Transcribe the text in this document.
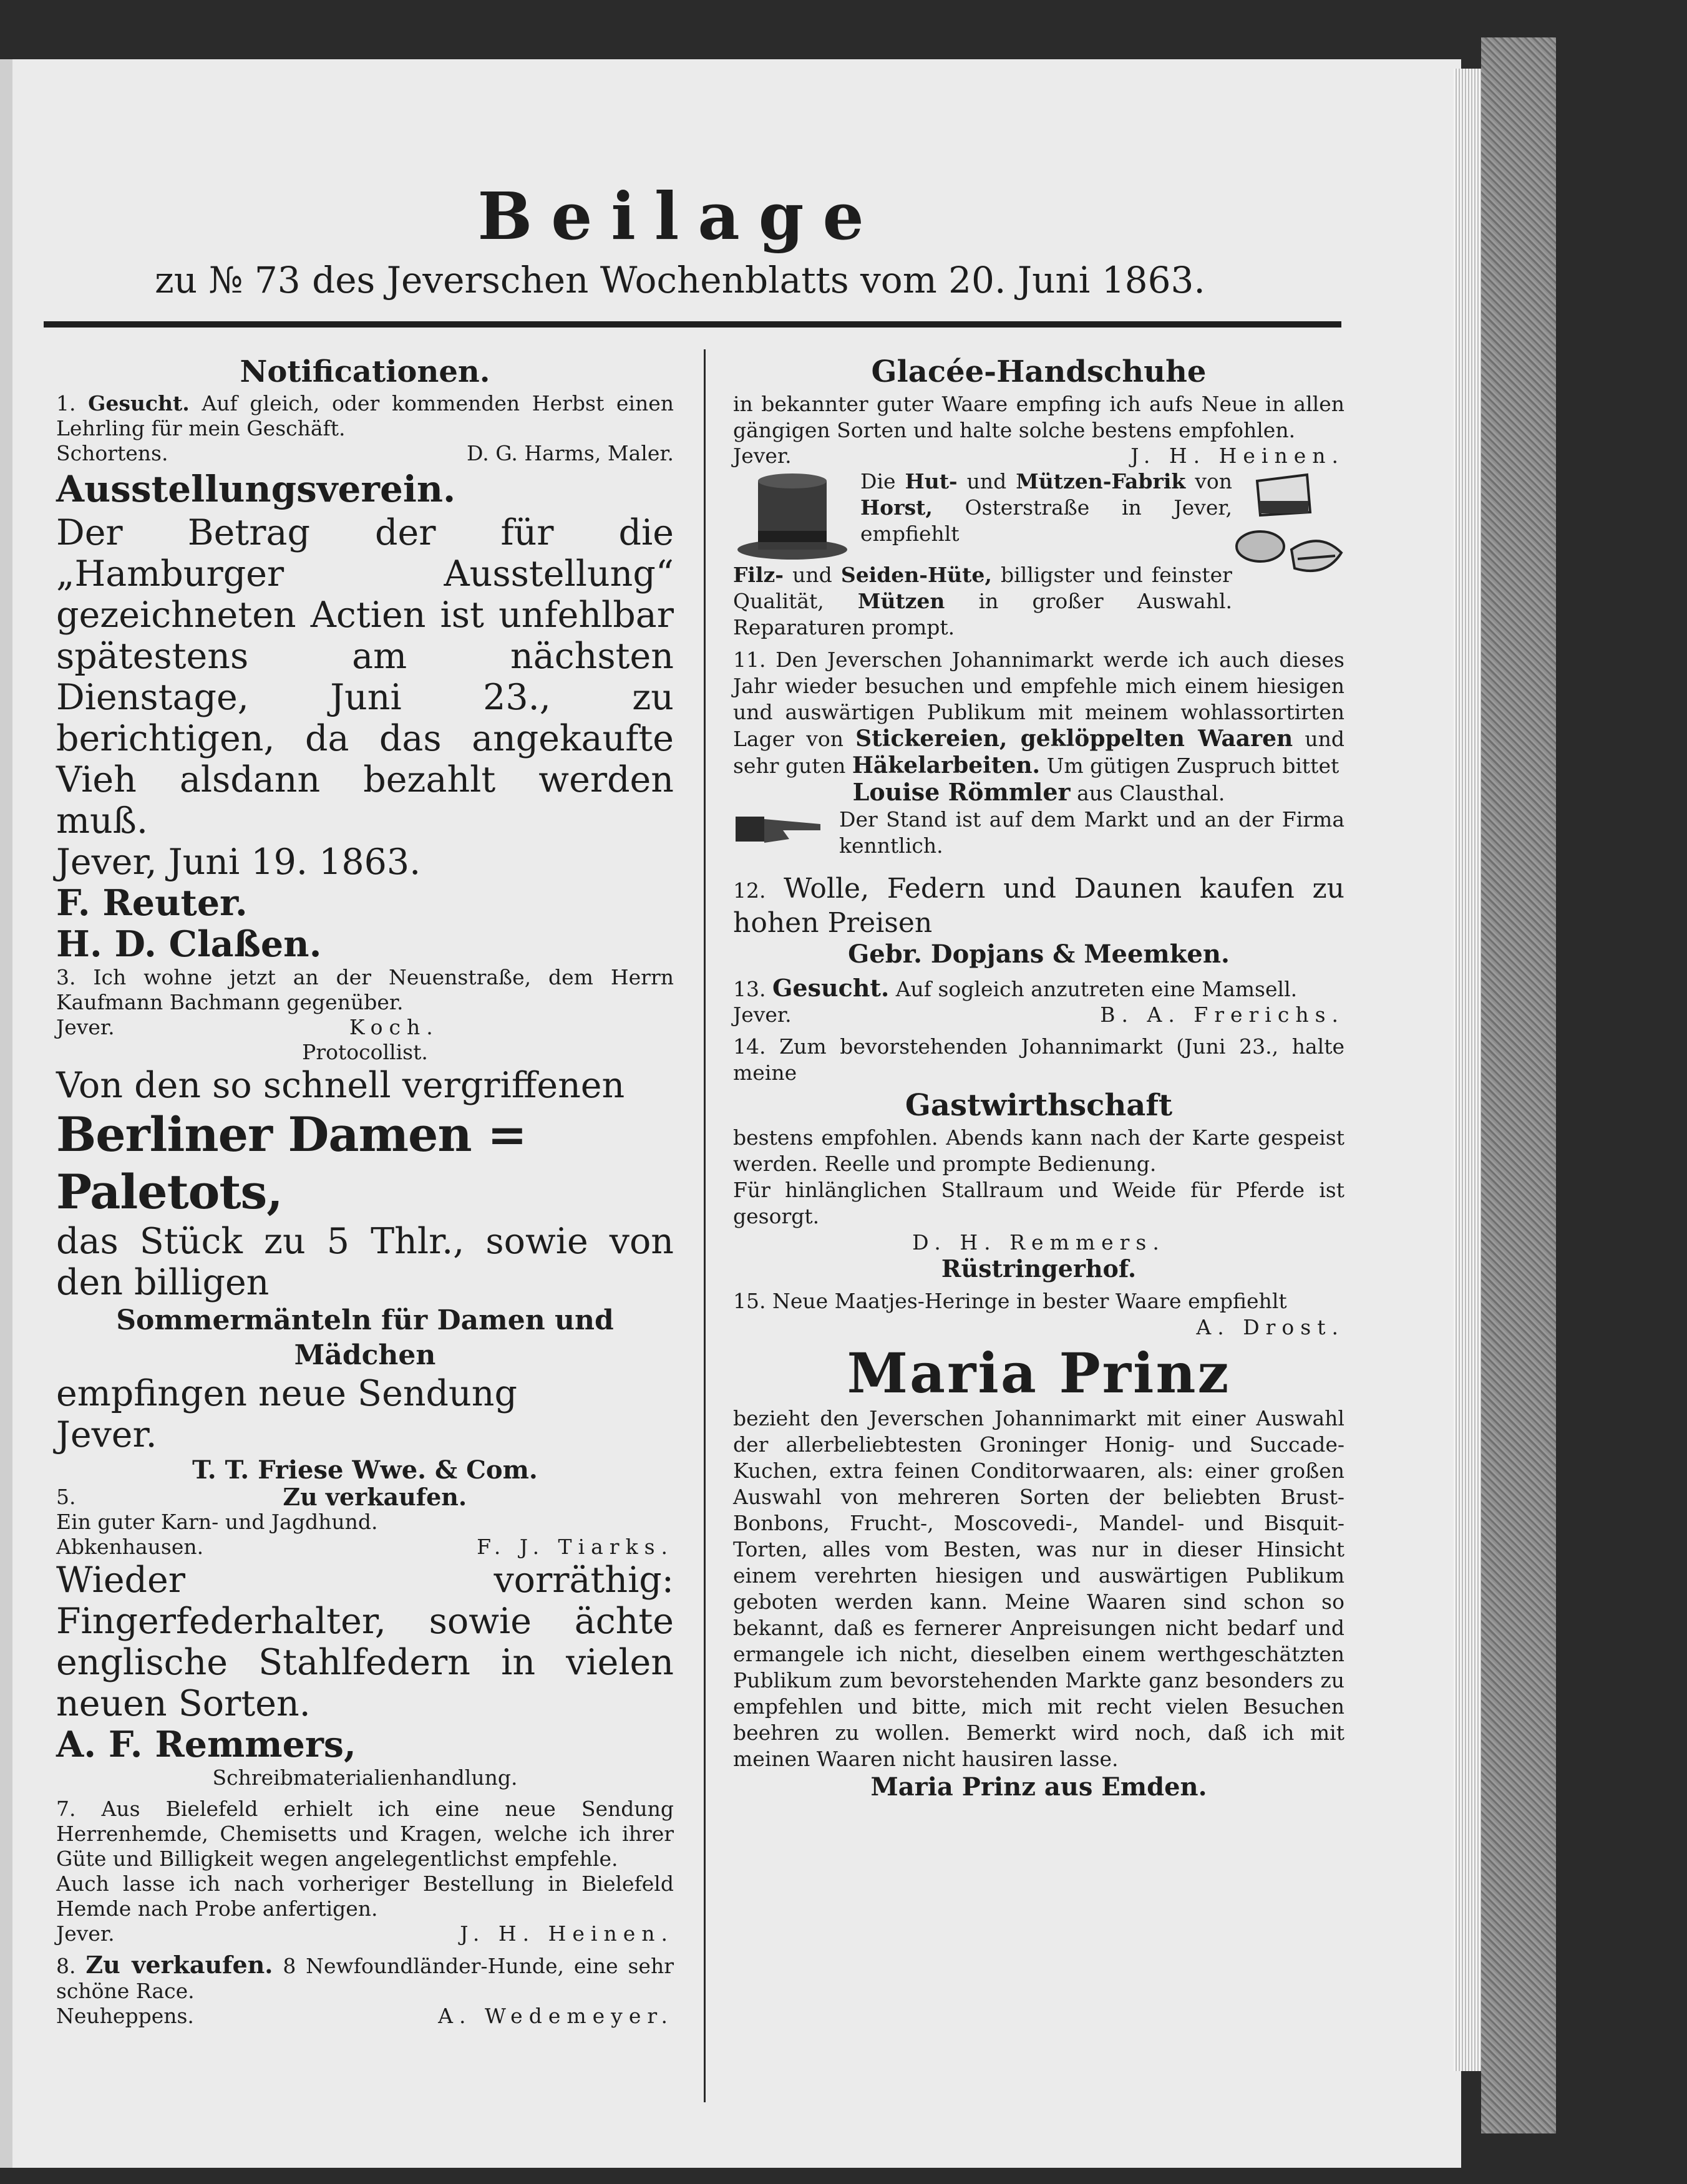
Beilage
zu № 73 des Jeverschen Wochenblatts vom 20. Juni 1863.

Notificationen.

1. Gesucht. Auf gleich, oder kommenden Herbst einen Lehrling für mein Geschäft.

Schortens.	D. G. Harms, Maler.

Ausstellungsverein.

Der Betrag der für die „Hamburger Ausstellung“ gezeichneten Actien ist unfehlbar spätestens am nächsten Dienstage, Juni 23., zu berichtigen, da das angekaufte Vieh alsdann bezahlt werden muß.

Jever, Juni 19. 1863.

F. Reuter.

H. D. Claßen.

3. Ich wohne jetzt an der Neuenstraße, dem Herrn Kaufmann Bachmann gegenüber.

Jever.	Koch.

Protocollist.

Von den so schnell vergriffenen

Berliner Damen = Paletots,

das Stück zu 5 Thlr., sowie von den billigen

Sommermänteln für Damen und Mädchen

empfingen neue Sendung

Jever.

T. T. Friese Wwe. & Com.

5.	Zu verkaufen.

Ein guter Karn- und Jagdhund.

Abkenhausen.	F. J. Tiarks.

Wieder vorräthig: Fingerfederhalter, sowie ächte englische Stahlfedern in vielen neuen Sorten.

A. F. Remmers,

Schreibmaterialienhandlung.

7. Aus Bielefeld erhielt ich eine neue Sendung Herrenhemde, Chemisetts und Kragen, welche ich ihrer Güte und Billigkeit wegen angelegentlichst empfehle.

Auch lasse ich nach vorheriger Bestellung in Bielefeld Hemde nach Probe anfertigen.

Jever.	J. H. Heinen.

8. Zu verkaufen. 8 Newfoundländer-Hunde, eine sehr schöne Race.

Neuheppens.	A. Wedemeyer.

Glacée-Handschuhe

in bekannter guter Waare empfing ich aufs Neue in allen gängigen Sorten und halte solche bestens empfohlen.

Jever.	J. H. Heinen.

Die Hut- und Mützen-Fabrik von Horst, Osterstraße in Jever, empfiehlt

Filz- und Seiden-Hüte, billigster und feinster Qualität, Mützen in großer Auswahl. Reparaturen prompt.

11. Den Jeverschen Johannimarkt werde ich auch dieses Jahr wieder besuchen und empfehle mich einem hiesigen und auswärtigen Publikum mit meinem wohlassortirten Lager von Stickereien, geklöppelten Waaren und sehr guten Häkelarbeiten. Um gütigen Zuspruch bittet

Louise Römmler aus Clausthal.

Der Stand ist auf dem Markt und an der Firma kenntlich.

12. Wolle, Federn und Daunen kaufen zu hohen Preisen

Gebr. Dopjans & Meemken.

13. Gesucht. Auf sogleich anzutreten eine Mamsell.

Jever.	B. A. Frerichs.

14. Zum bevorstehenden Johannimarkt (Juni 23., halte meine

Gastwirthschaft

bestens empfohlen. Abends kann nach der Karte gespeist werden. Reelle und prompte Bedienung.

Für hinlänglichen Stallraum und Weide für Pferde ist gesorgt.

D. H. Remmers.

Rüstringerhof.

15. Neue Maatjes-Heringe in bester Waare empfiehlt

A. Drost.

Maria Prinz

bezieht den Jeverschen Johannimarkt mit einer Auswahl der allerbeliebtesten Groninger Honig- und Succade-Kuchen, extra feinen Conditorwaaren, als: einer großen Auswahl von mehreren Sorten der beliebten Brust-Bonbons, Frucht-, Moscovedi-, Mandel- und Bisquit-Torten, alles vom Besten, was nur in dieser Hinsicht einem verehrten hiesigen und auswärtigen Publikum geboten werden kann. Meine Waaren sind schon so bekannt, daß es fernerer Anpreisungen nicht bedarf und ermangele ich nicht, dieselben einem werthgeschätzten Publikum zum bevorstehenden Markte ganz besonders zu empfehlen und bitte, mich mit recht vielen Besuchen beehren zu wollen. Bemerkt wird noch, daß ich mit meinen Waaren nicht hausiren lasse.

Maria Prinz aus Emden.
